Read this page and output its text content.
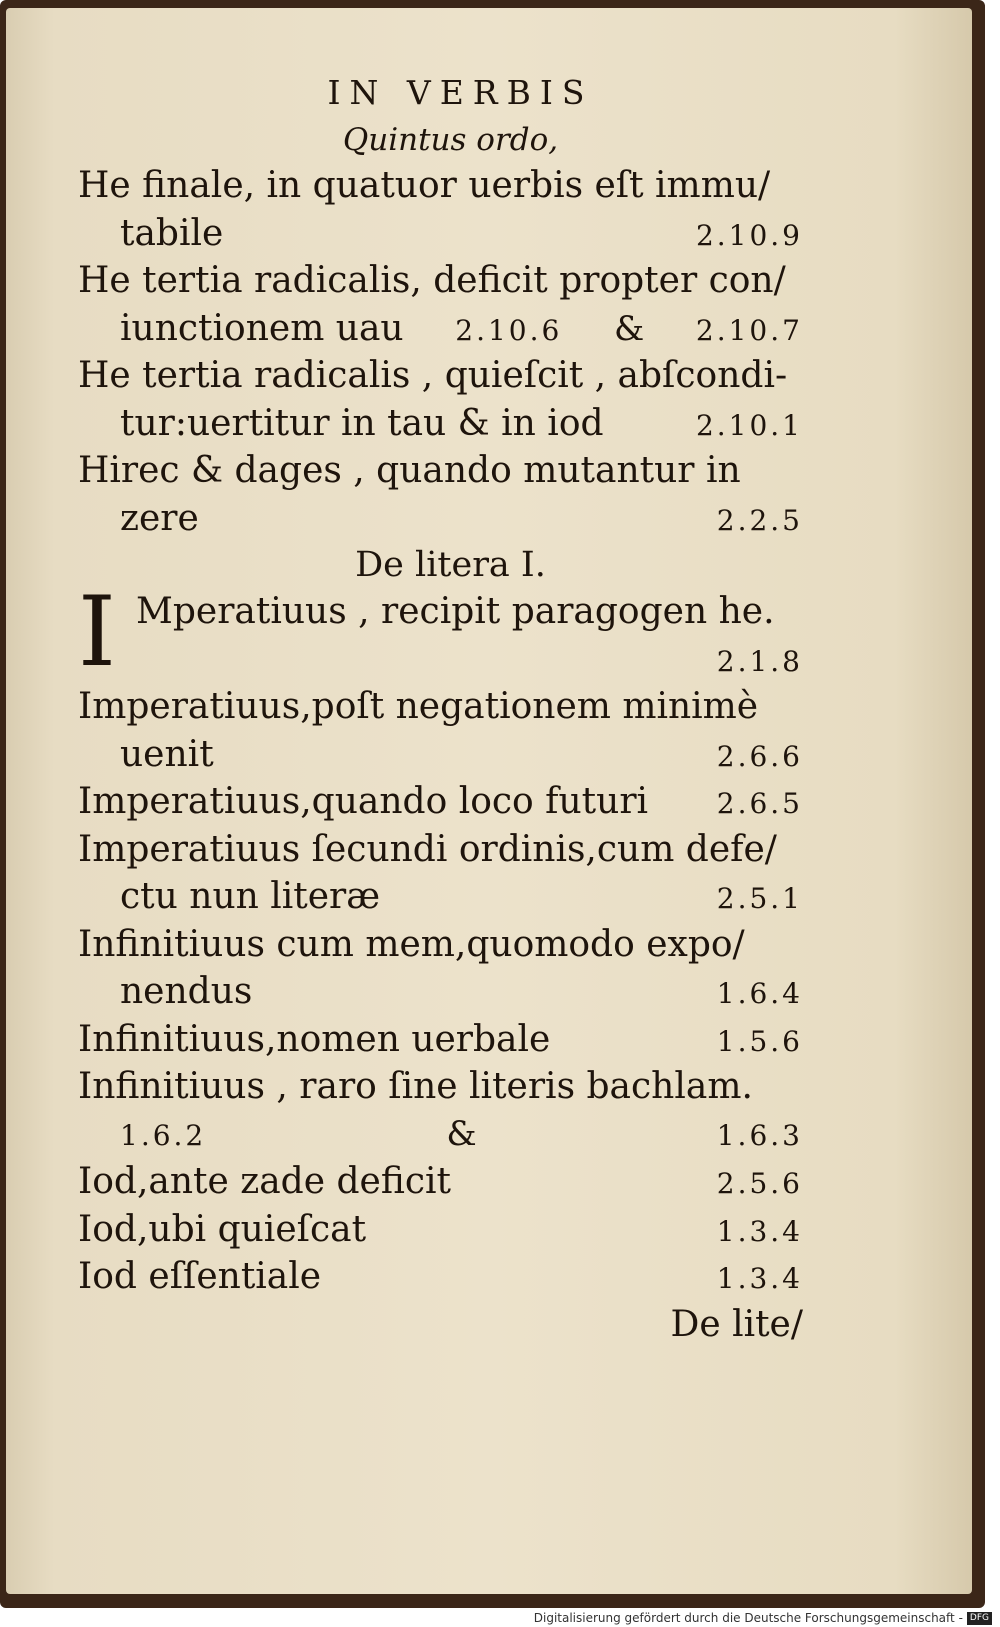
IN VERBIS
Quintus ordo,
He finale, in quatuor uerbis eſt immu/
tabile	2.10.9
He tertia radicalis, deficit propter con/
iunctionem uau 2.10.6 & 2.10.7
He tertia radicalis , quieſcit , abſcondi-
tur:uertitur in tau & in iod	2.10.1
Hirec & dages , quando mutantur in
zere	2.2.5
De litera I.
I Mperatiuus , recipit paragogen he.
2.1.8
Imperatiuus,poſt negationem minimè
uenit	2.6.6
Imperatiuus,quando loco futuri 2.6.5
Imperatiuus ſecundi ordinis,cum defe/
ctu nun literæ	2.5.1
Infinitiuus cum mem,quomodo expo/
nendus	1.6.4
Infinitiuus,nomen uerbale	1.5.6
Infinitiuus , raro ſine literis bachlam.
1.6.2	&	1.6.3
Iod,ante zade deficit	2.5.6
Iod,ubi quieſcat	1.3.4
Iod eſſentiale	1.3.4
De lite/
Digitalisierung gefördert durch die Deutsche Forschungsgemeinschaft - DFG
